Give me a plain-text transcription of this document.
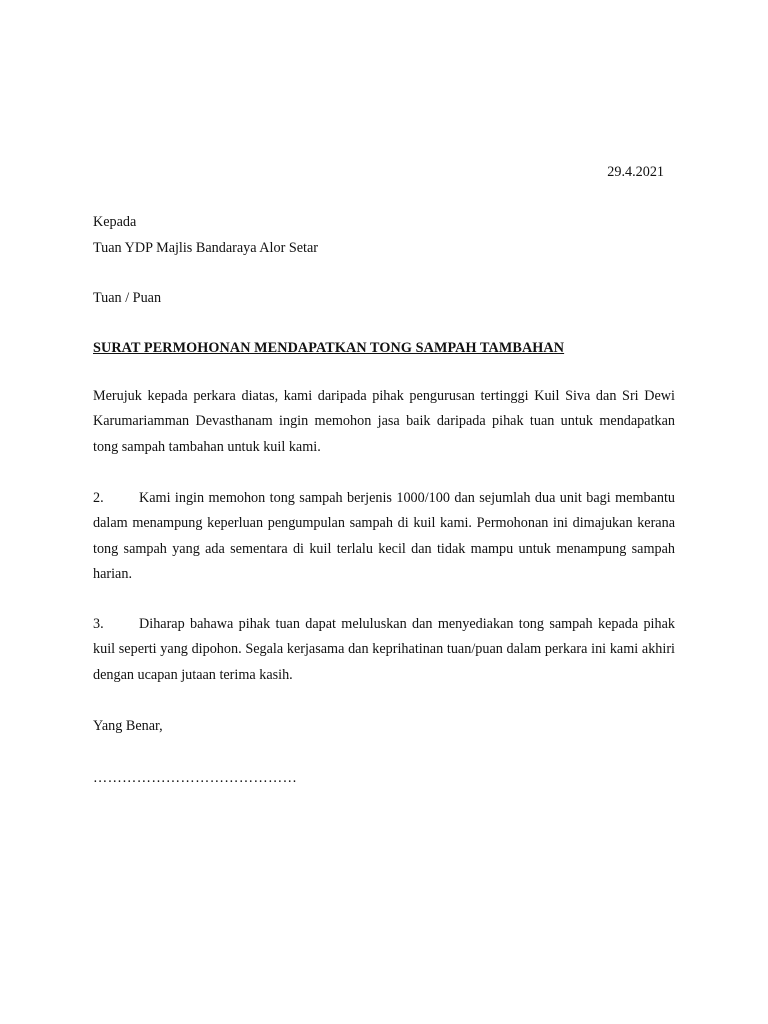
29.4.2021
Kepada
Tuan YDP Majlis Bandaraya Alor Setar
Tuan / Puan
SURAT PERMOHONAN MENDAPATKAN TONG SAMPAH TAMBAHAN
Merujuk kepada perkara diatas, kami daripada pihak pengurusan tertinggi Kuil Siva dan Sri Dewi Karumariamman Devasthanam ingin memohon jasa baik daripada pihak tuan untuk mendapatkan tong sampah tambahan untuk kuil kami.
2. Kami ingin memohon tong sampah berjenis 1000/100 dan sejumlah dua unit bagi membantu dalam menampung keperluan pengumpulan sampah di kuil kami. Permohonan ini dimajukan kerana tong sampah yang ada sementara di kuil terlalu kecil dan tidak mampu untuk menampung sampah harian.
3. Diharap bahawa pihak tuan dapat meluluskan dan menyediakan tong sampah kepada pihak kuil seperti yang dipohon. Segala kerjasama dan keprihatinan tuan/puan dalam perkara ini kami akhiri dengan ucapan jutaan terima kasih.
Yang Benar,
……………………………………
